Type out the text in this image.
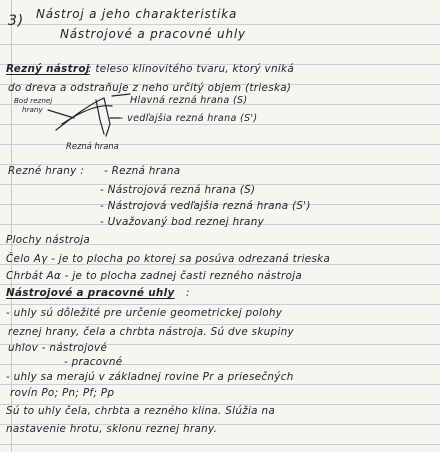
3) Nástroj a jeho charakteristika
Nástrojové a pracovné uhly
Rezný nástroj
: teleso klinovitého tvaru, ktorý vniká
do dreva a odstraňuje z neho určitý objem (trieska)
Bod reznej
hrany
Hlavná rezná hrana (S)
- vedľajšia rezná hrana (S')
Rezná hrana
Rezné hrany : - Rezná hrana
- Nástrojová rezná hrana (S)
- Nástrojová vedľajšia rezná hrana (S')
- Uvažovaný bod reznej hrany
Plochy nástroja
Čelo Aγ - je to plocha po ktorej sa posúva odrezaná trieska
Chrbát Aα - je to plocha zadnej časti rezného nástroja
Nástrojové a pracovné uhly :
- uhly sú dôležité pre určenie geometrickej polohy
reznej hrany, čela a chrbta nástroja. Sú dve skupiny
uhlov - nástrojové
- pracovné
- uhly sa merajú v základnej rovine Pr a priesečných
rovín Po; Pn; Pf; Pp
Sú to uhly čela, chrbta a rezného klina. Slúžia na
nastavenie hrotu, sklonu reznej hrany.
